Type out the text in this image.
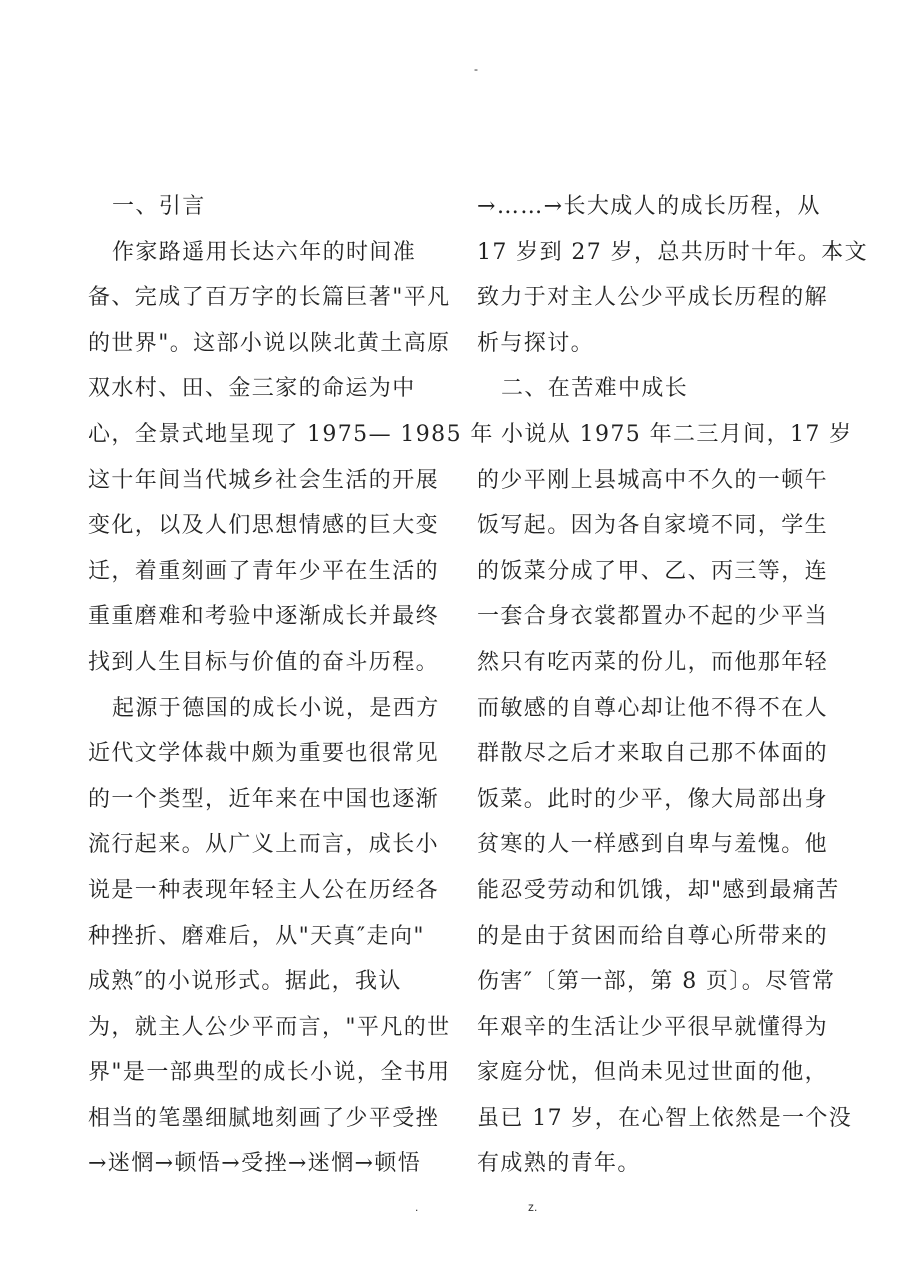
-
一、引言
作家路遥用长达六年的时间准
备、完成了百万字的长篇巨著"平凡
的世界"。这部小说以陕北黄土高原
双水村、田、金三家的命运为中
心，全景式地呈现了 1975— 1985 年
这十年间当代城乡社会生活的开展
变化，以及人们思想情感的巨大变
迁，着重刻画了青年少平在生活的
重重磨难和考验中逐渐成长并最终
找到人生目标与价值的奋斗历程。
起源于德国的成长小说，是西方
近代文学体裁中颇为重要也很常见
的一个类型，近年来在中国也逐渐
流行起来。从广义上而言，成长小
说是一种表现年轻主人公在历经各
种挫折、磨难后，从"天真″走向"
成熟″的小说形式。据此，我认
为，就主人公少平而言，"平凡的世
界"是一部典型的成长小说，全书用
相当的笔墨细腻地刻画了少平受挫
→迷惘→顿悟→受挫→迷惘→顿悟
→……→长大成人的成长历程，从
17 岁到 27 岁，总共历时十年。本文
致力于对主人公少平成长历程的解
析与探讨。
二、在苦难中成长
小说从 1975 年二三月间，17 岁
的少平刚上县城高中不久的一顿午
饭写起。因为各自家境不同，学生
的饭菜分成了甲、乙、丙三等，连
一套合身衣裳都置办不起的少平当
然只有吃丙菜的份儿，而他那年轻
而敏感的自尊心却让他不得不在人
群散尽之后才来取自己那不体面的
饭菜。此时的少平，像大局部出身
贫寒的人一样感到自卑与羞愧。他
能忍受劳动和饥饿，却"感到最痛苦
的是由于贫困而给自尊心所带来的
伤害″〔第一部，第 8 页〕。尽管常
年艰辛的生活让少平很早就懂得为
家庭分忧，但尚未见过世面的他，
虽已 17 岁，在心智上依然是一个没
有成熟的青年。
.	z.
